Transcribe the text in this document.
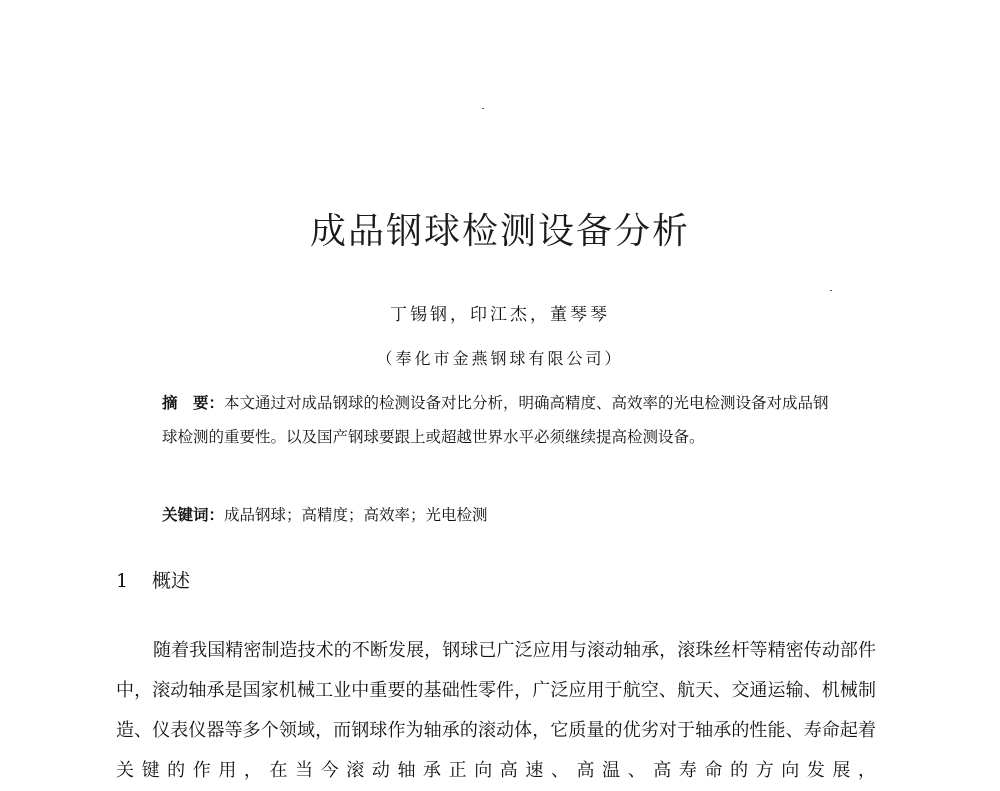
成品钢球检测设备分析
丁锡钢，印江杰，董琴琴
（奉化市金燕钢球有限公司）
摘　要：本文通过对成品钢球的检测设备对比分析，明确高精度、高效率的光电检测设备对成品钢球检测的重要性。以及国产钢球要跟上或超越世界水平必须继续提高检测设备。
关键词：成品钢球；高精度；高效率；光电检测
1 概述
随着我国精密制造技术的不断发展，钢球已广泛应用与滚动轴承，滚珠丝杆等精密传动部件中，滚动轴承是国家机械工业中重要的基础性零件，广泛应用于航空、航天、交通运输、机械制造、仪表仪器等多个领域，而钢球作为轴承的滚动体，它质量的优劣对于轴承的性能、寿命起着关键的作用，在当今滚动轴承正向高速、高温、高寿命的方向发展，
